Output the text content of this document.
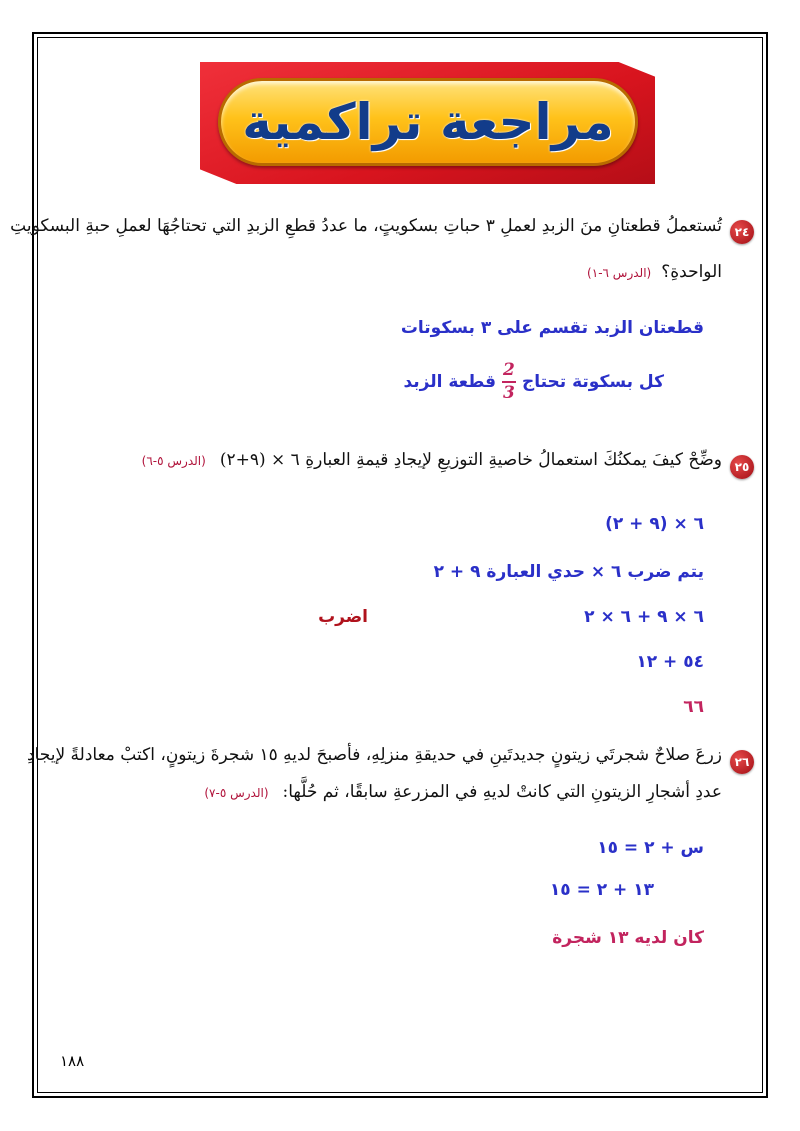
مراجعة تراكمية
٢٤
تُستعملُ قطعتانِ منَ الزبدِ لعملِ ٣ حباتِ بسكويتٍ، ما عددُ قطعِ الزبدِ التي تحتاجُهَا لعملِ حبةِ البسكويتِ
الواحدةِ؟(الدرس ٦-١)
قطعتان الزبد تقسم على ٣ بسكوتات
كل بسكوتة تحتاج
$\frac{2}{3}$
قطعة الزبد
٢٥
وضِّحْ كيفَ يمكنُكَ استعمالُ خاصيةِ التوزيعِ لإيجادِ قيمةِ العبارةِ ٦ × (٩+٢)(الدرس ٥-٦)
٦ × (٩ + ٢)
يتم ضرب ٦ × حدي العبارة ٩ + ٢
٦ × ٩ + ٦ × ٢
اضرب
٥٤ + ١٢
٦٦
٢٦
زرعَ صلاحٌ شجرتَي زيتونٍ جديدتَينِ في حديقةِ منزلِهِ، فأصبحَ لديهِ ١٥ شجرةَ زيتونٍ، اكتبْ معادلةً لإيجادِ
عددِ أشجارِ الزيتونِ التي كانتْ لديهِ في المزرعةِ سابقًا، ثم حُلَّها:(الدرس ٥-٧)
س + ٢ = ١٥
١٣ + ٢ = ١٥
كان لديه ١٣ شجرة
١٨٨
